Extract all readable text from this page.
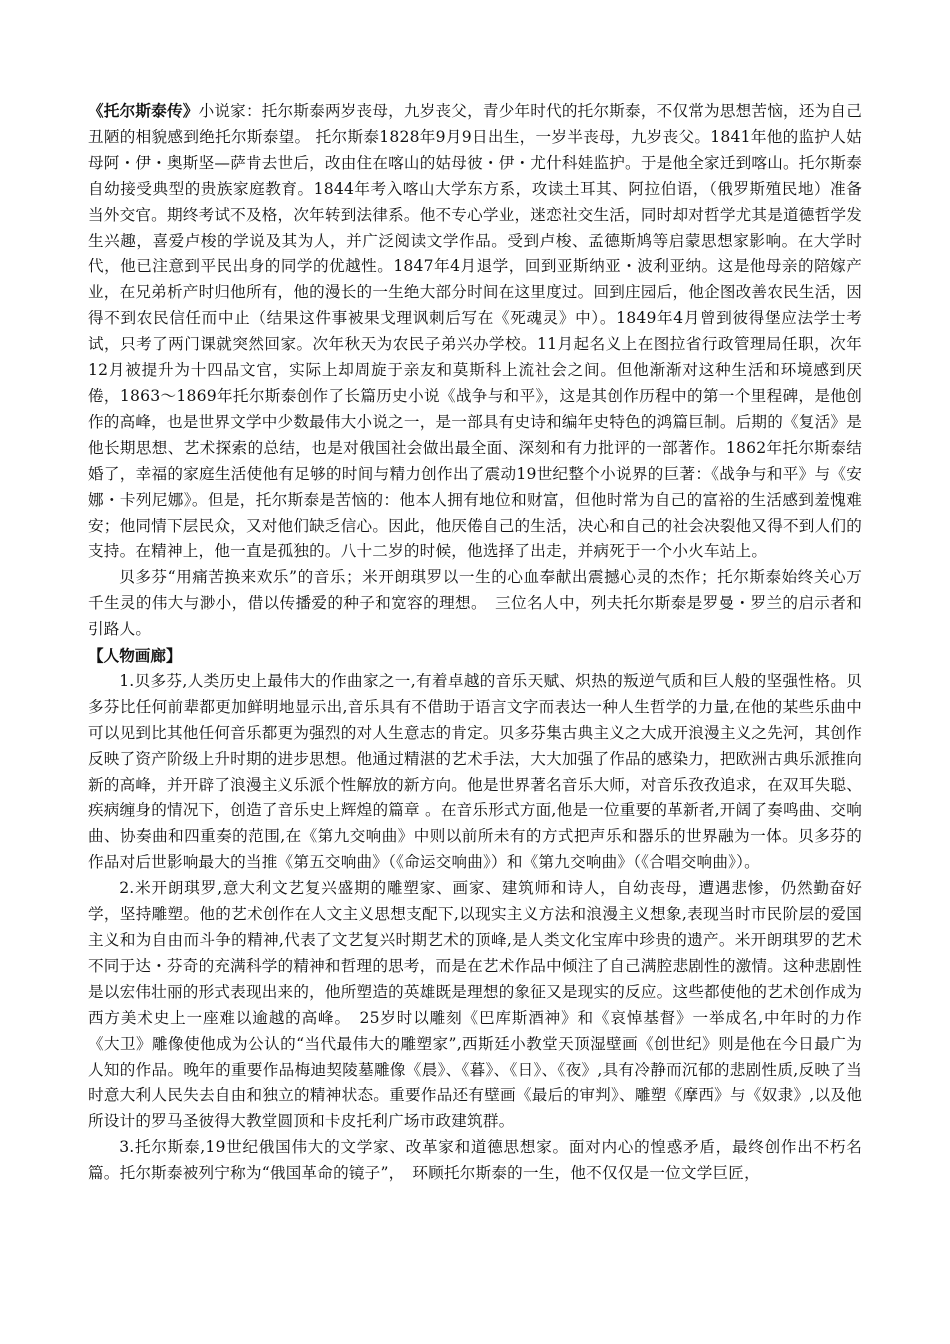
《托尔斯泰传》小说家：托尔斯泰两岁丧母，九岁丧父，青少年时代的托尔斯泰，不仅常为思想苦恼，还为自己丑陋的相貌感到绝托尔斯泰望。 托尔斯泰1828年9月9日出生，一岁半丧母，九岁丧父。1841年他的监护人姑母阿・伊・奥斯坚—萨肯去世后，改由住在喀山的姑母彼・伊・尤什科娃监护。于是他全家迁到喀山。托尔斯泰自幼接受典型的贵族家庭教育。1844年考入喀山大学东方系，攻读土耳其、阿拉伯语，（俄罗斯殖民地）准备当外交官。期终考试不及格，次年转到法律系。他不专心学业，迷恋社交生活，同时却对哲学尤其是道德哲学发生兴趣，喜爱卢梭的学说及其为人，并广泛阅读文学作品。受到卢梭、孟德斯鸠等启蒙思想家影响。在大学时代，他已注意到平民出身的同学的优越性。1847年4月退学，回到亚斯纳亚・波利亚纳。这是他母亲的陪嫁产业，在兄弟析产时归他所有，他的漫长的一生绝大部分时间在这里度过。回到庄园后，他企图改善农民生活，因得不到农民信任而中止（结果这件事被果戈理讽刺后写在《死魂灵》中）。1849年4月曾到彼得堡应法学士考试，只考了两门课就突然回家。次年秋天为农民子弟兴办学校。11月起名义上在图拉省行政管理局任职，次年12月被提升为十四品文官，实际上却周旋于亲友和莫斯科上流社会之间。但他渐渐对这种生活和环境感到厌倦，1863～1869年托尔斯泰创作了长篇历史小说《战争与和平》，这是其创作历程中的第一个里程碑，是他创作的高峰，也是世界文学中少数最伟大小说之一，是一部具有史诗和编年史特色的鸿篇巨制。后期的《复活》是他长期思想、艺术探索的总结，也是对俄国社会做出最全面、深刻和有力批评的一部著作。1862年托尔斯泰结婚了，幸福的家庭生活使他有足够的时间与精力创作出了震动19世纪整个小说界的巨著：《战争与和平》与《安娜・卡列尼娜》。但是，托尔斯泰是苦恼的：他本人拥有地位和财富，但他时常为自己的富裕的生活感到羞愧难安；他同情下层民众，又对他们缺乏信心。因此，他厌倦自己的生活，决心和自己的社会决裂他又得不到人们的支持。在精神上，他一直是孤独的。八十二岁的时候，他选择了出走，并病死于一个小火车站上。

贝多芬“用痛苦换来欢乐”的音乐；米开朗琪罗以一生的心血奉献出震撼心灵的杰作；托尔斯泰始终关心万千生灵的伟大与渺小，借以传播爱的种子和宽容的理想。　三位名人中，列夫托尔斯泰是罗曼・罗兰的启示者和引路人。

【人物画廊】

1.贝多芬,人类历史上最伟大的作曲家之一,有着卓越的音乐天赋、炽热的叛逆气质和巨人般的坚强性格。贝多芬比任何前辈都更加鲜明地显示出,音乐具有不借助于语言文字而表达一种人生哲学的力量,在他的某些乐曲中可以见到比其他任何音乐都更为强烈的对人生意志的肯定。贝多芬集古典主义之大成开浪漫主义之先河，其创作反映了资产阶级上升时期的进步思想。他通过精湛的艺术手法，大大加强了作品的感染力，把欧洲古典乐派推向新的高峰，并开辟了浪漫主义乐派个性解放的新方向。他是世界著名音乐大师，对音乐孜孜追求，在双耳失聪、疾病缠身的情况下，创造了音乐史上辉煌的篇章 。在音乐形式方面,他是一位重要的革新者,开阔了奏鸣曲、交响曲、协奏曲和四重奏的范围,在《第九交响曲》中则以前所未有的方式把声乐和器乐的世界融为一体。贝多芬的作品对后世影响最大的当推《第五交响曲》（《命运交响曲》）和《第九交响曲》（《合唱交响曲》）。

2.米开朗琪罗,意大利文艺复兴盛期的雕塑家、画家、建筑师和诗人，自幼丧母，遭遇悲惨，仍然勤奋好学，坚持雕塑。他的艺术创作在人文主义思想支配下,以现实主义方法和浪漫主义想象,表现当时市民阶层的爱国主义和为自由而斗争的精神,代表了文艺复兴时期艺术的顶峰,是人类文化宝库中珍贵的遗产。米开朗琪罗的艺术不同于达・芬奇的充满科学的精神和哲理的思考，而是在艺术作品中倾注了自己满腔悲剧性的激情。这种悲剧性是以宏伟壮丽的形式表现出来的，他所塑造的英雄既是理想的象征又是现实的反应。这些都使他的艺术创作成为西方美术史上一座难以逾越的高峰。　25岁时以雕刻《巴库斯酒神》和《哀悼基督》一举成名,中年时的力作《大卫》雕像使他成为公认的“当代最伟大的雕塑家”,西斯廷小教堂天顶湿壁画《创世纪》则是他在今日最广为人知的作品。晚年的重要作品梅迪契陵墓雕像《晨》、《暮》、《日》、《夜》,具有冷静而沉郁的悲剧性质,反映了当时意大利人民失去自由和独立的精神状态。重要作品还有壁画《最后的审判》、雕塑《摩西》与《奴隶》,以及他所设计的罗马圣彼得大教堂圆顶和卡皮托利广场市政建筑群。

3.托尔斯泰,19世纪俄国伟大的文学家、改革家和道德思想家。面对内心的惶惑矛盾，最终创作出不朽名篇。托尔斯泰被列宁称为“俄国革命的镜子”，　环顾托尔斯泰的一生，他不仅仅是一位文学巨匠，
